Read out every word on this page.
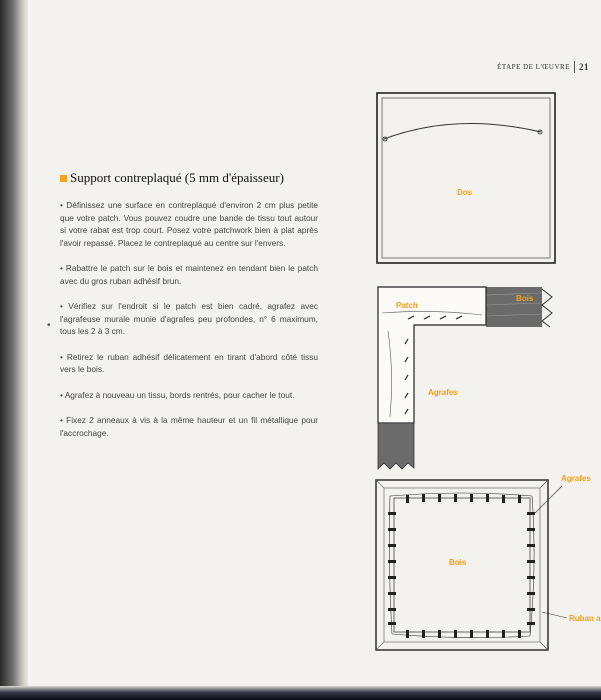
ÉTAPE DE L'ŒUVRE 21
Support contreplaqué (5 mm d'épaisseur)

• Définissez une surface en contreplaqué d'environ 2 cm plus petite que votre patch. Vous pouvez coudre une bande de tissu tout autour si votre rabat est trop court. Posez votre patchwork bien à plat après l'avoir repassé. Placez le contreplaqué au centre sur l'envers.

• Rabattre le patch sur le bois et maintenez en tendant bien le patch avec du gros ruban adhésif brun.

• Vérifiez sur l'endroit si le patch est bien cadré, agrafez avec l'agrafeuse murale munie d'agrafes peu profondes, n° 6 maximum, tous les 2 à 3 cm.

• Retirez le ruban adhésif délicatement en tirant d'abord côté tissu vers le bois.

• Agrafez à nouveau un tissu, bords rentrés, pour cacher le tout.

• Fixez 2 anneaux à vis à la même hauteur et un fil métallique pour l'accrochage.

•
Dos
Patch
Bois
Agrafes
Bois
Agrafes
Ruban a
